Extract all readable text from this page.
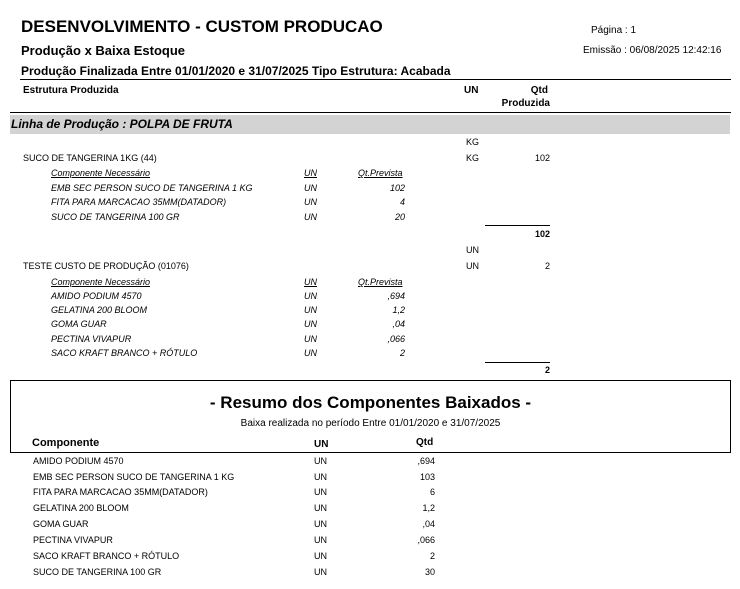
DESENVOLVIMENTO - CUSTOM PRODUCAO
Produção x Baixa Estoque
Produção Finalizada Entre 01/01/2020 e 31/07/2025 Tipo Estrutura: Acabada
Página : 1
Emissão : 06/08/2025 12:42:16
Estrutura Produzida	UN	Qtd
Produzida
Linha de Produção : POLPA DE FRUTA
KG
SUCO DE TANGERINA 1KG (44)	KG	102
Componente Necessário	UN	Qt.Prevista
EMB SEC PERSON SUCO DE TANGERINA 1 KG	UN	102
FITA PARA MARCACAO 35MM(DATADOR)	UN	4
SUCO DE TANGERINA 100 GR	UN	20
102
UN
TESTE CUSTO DE PRODUÇÃO (01076)	UN	2
Componente Necessário	UN	Qt.Prevista
AMIDO PODIUM 4570	UN	,694
GELATINA 200 BLOOM	UN	1,2
GOMA GUAR	UN	,04
PECTINA VIVAPUR	UN	,066
SACO KRAFT BRANCO + RÓTULO	UN	2
2
- Resumo dos Componentes Baixados -
Baixa realizada no período Entre 01/01/2020 e 31/07/2025
Componente	UN	Qtd
AMIDO PODIUM 4570	UN	,694
EMB SEC PERSON SUCO DE TANGERINA 1 KG	UN	103
FITA PARA MARCACAO 35MM(DATADOR)	UN	6
GELATINA 200 BLOOM	UN	1,2
GOMA GUAR	UN	,04
PECTINA VIVAPUR	UN	,066
SACO KRAFT BRANCO + RÓTULO	UN	2
SUCO DE TANGERINA 100 GR	UN	30
